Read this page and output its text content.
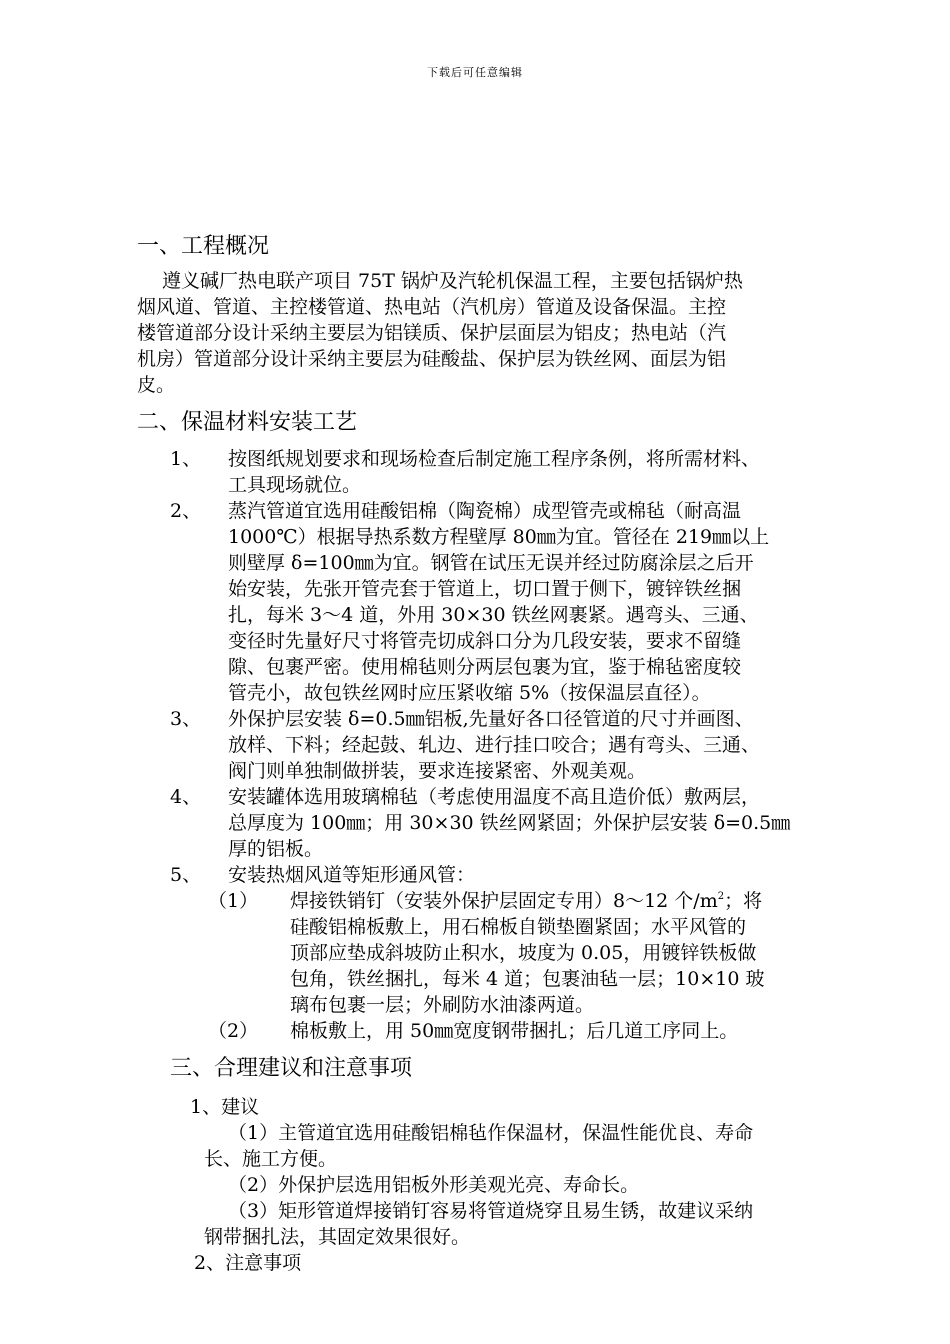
下载后可任意编辑
一、工程概况
遵义碱厂热电联产项目 75T 锅炉及汽轮机保温工程，主要包括锅炉热
烟风道、管道、主控楼管道、热电站（汽机房）管道及设备保温。主控
楼管道部分设计采纳主要层为铝镁质、保护层面层为铝皮；热电站（汽
机房）管道部分设计采纳主要层为硅酸盐、保护层为铁丝网、面层为铝
皮。
二、保温材料安装工艺
1、 按图纸规划要求和现场检查后制定施工程序条例，将所需材料、
工具现场就位。
2、 蒸汽管道宜选用硅酸铝棉（陶瓷棉）成型管壳或棉毡（耐高温
1000℃）根据导热系数方程壁厚 80㎜为宜。管径在 219㎜以上
则壁厚 δ=100㎜为宜。钢管在试压无误并经过防腐涂层之后开
始安装，先张开管壳套于管道上，切口置于侧下，镀锌铁丝捆
扎，每米 3～4 道，外用 30×30 铁丝网裹紧。遇弯头、三通、
变径时先量好尺寸将管壳切成斜口分为几段安装，要求不留缝
隙、包裹严密。使用棉毡则分两层包裹为宜，鉴于棉毡密度较
管壳小，故包铁丝网时应压紧收缩 5%（按保温层直径）。
3、 外保护层安装 δ=0.5㎜铝板,先量好各口径管道的尺寸并画图、
放样、下料；经起鼓、轧边、进行挂口咬合；遇有弯头、三通、
阀门则单独制做拼装，要求连接紧密、外观美观。
4、 安装罐体选用玻璃棉毡（考虑使用温度不高且造价低）敷两层，
总厚度为 100㎜；用 30×30 铁丝网紧固；外保护层安装 δ=0.5㎜
厚的铝板。
5、 安装热烟风道等矩形通风管：
（1） 焊接铁销钉（安装外保护层固定专用）8～12 个$/m^2$；将
硅酸铝棉板敷上，用石棉板自锁垫圈紧固；水平风管的
顶部应垫成斜坡防止积水，坡度为 0.05，用镀锌铁板做
包角，铁丝捆扎，每米 4 道；包裹油毡一层；10×10 玻
璃布包裹一层；外刷防水油漆两道。
（2） 棉板敷上，用 50㎜宽度钢带捆扎；后几道工序同上。
三、合理建议和注意事项
1、建议
（1）主管道宜选用硅酸铝棉毡作保温材，保温性能优良、寿命
长、施工方便。
（2）外保护层选用铝板外形美观光亮、寿命长。
（3）矩形管道焊接销钉容易将管道烧穿且易生锈，故建议采纳
钢带捆扎法，其固定效果很好。
2、注意事项
